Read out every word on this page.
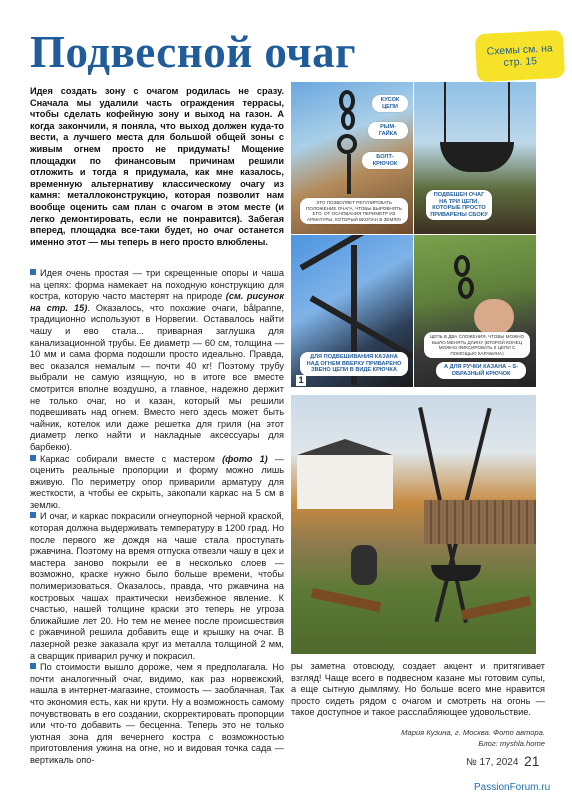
Подвесной очаг	Схемы см. на стр. 15
Идея создать зону с очагом родилась не сразу. Сначала мы удалили часть ограждения террасы, чтобы сделать кофейную зону и выход на газон. А когда закончили, я поняла, что выход должен куда-то вести, а лучшего места для большой общей зоны с живым огнем просто не придумать! Мощение площадки по финансовым причинам решили отложить и тогда я придумала, как мне казалось, временную альтернативу классическому очагу из камня: металлоконструкцию, которая позволит нам вообще оценить сам план с очагом в этом месте (и легко демонтировать, если не понравится). Забегая вперед, площадка все-таки будет, но очаг останется именно этот — мы теперь в него просто влюблены.

Идея очень простая — три скрещенные опоры и чаша на цепях: форма намекает на походную конструкцию для костра, которую часто мастерят на природе (см. рисунок на стр. 15). Оказалось, что похожие очаги, bålpanne, традиционно используют в Норвегии. Оставалось найти чашу и ево стала... приварная заглушка для канализационной трубы. Ее диаметр — 60 см, толщина — 10 мм и сама форма подошли просто идеально. Правда, вес оказался немалым — почти 40 кг! Поэтому трубу выбрали не самую изящную, но в итоге все вместе смотрится вполне воздушно, а главное, надежно держит не только очаг, но и казан, который мы решили подвешивать над огнем. Вместо него здесь может быть чайник, котелок или даже решетка для гриля (на этот диаметр легко найти и накладные аксессуары для барбекю).

Каркас собирали вместе с мастером (фото 1) — оценить реальные пропорции и форму можно лишь вживую. По периметру опор приварили арматуру для жесткости, а чтобы ее скрыть, закопали каркас на 5 см в землю.

И очаг, и каркас покрасили огнеупорной черной краской, которая должна выдерживать температуру в 1200 град. Но после первого же дождя на чаше стала проступать ржавчина. Поэтому на время отпуска отвезли чашу в цех и мастера заново покрыли ее в несколько слоев — возможно, краске нужно было больше времени, чтобы полимеризоваться. Оказалось, правда, что ржавчина на костровых чашах практически неизбежное явление. К счастью, нашей толщине краски это теперь не угроза ближайшие лет 20. Но тем не менее после происшествия с ржавчиной решила добавить еще и крышку на очаг. В лазерной резке заказала круг из металла толщиной 2 мм, а сварщик приварил ручку и покрасил.

По стоимости вышло дороже, чем я предполагала. Но почти аналогичный очаг, видимо, как раз норвежский, нашла в интернет-магазине, стоимость — заоблачная. Так что экономия есть, как ни крути. Ну а возможность самому почувствовать в его создании, скорректировать пропорции или что-то добавить — бесценна. Теперь это не только уютная зона для вечернего костра с возможностью приготовления ужина на огне, но и видовая точка сада — вертикаль опо-

КУСОК ЦЕПИ
РЫМ-ГАЙКА
БОЛТ-КРЮЧОК
ЭТО ПОЗВОЛЯЕТ РЕГУЛИРОВАТЬ ПОЛОЖЕНИЕ ОЧАГА, ЧТОБЫ ВЫРОВНЯТЬ ЕГО. ОТ ОСНОВАНИЯ ПЕРИМЕТР ИЗ АРМАТУРЫ, КОТОРЫЙ ВКОПАН В ЗЕМЛЮ
ПОДВЕШЕН ОЧАГ НА ТРИ ЦЕПИ, КОТОРЫЕ ПРОСТО ПРИВАРЕНЫ СБОКУ
ДЛЯ ПОДВЕШИВАНИЯ КАЗАНА НАД ОГНЕМ ВВЕРХУ ПРИВАРЕНО ЗВЕНО ЦЕПИ В ВИДЕ КРЮЧКА
1
ЦЕПЬ В ДВА СЛОЖЕНИЯ, ЧТОБЫ МОЖНО БЫЛО МЕНЯТЬ ДЛИНУ (ВТОРОЙ КОНЕЦ МОЖНО ФИКСИРОВАТЬ К ЦЕПИ С ПОМОЩЬЮ КАРАБИНА)
А ДЛЯ РУЧКИ КАЗАНА – S-ОБРАЗНЫЙ КРЮЧОК
ры заметна отовсюду, создает акцент и притягивает взгляд! Чаще всего в подвесном казане мы готовим супы, а еще сытную дымляму. Но больше всего мне нравится просто сидеть рядом с очагом и смотреть на огонь — такое доступное и такое расслабляющее удовольствие.
Мария Кузина, г. Москва. Фото автора.
Блог: myshla.home
№ 17, 2024 21
PassionForum.ru
